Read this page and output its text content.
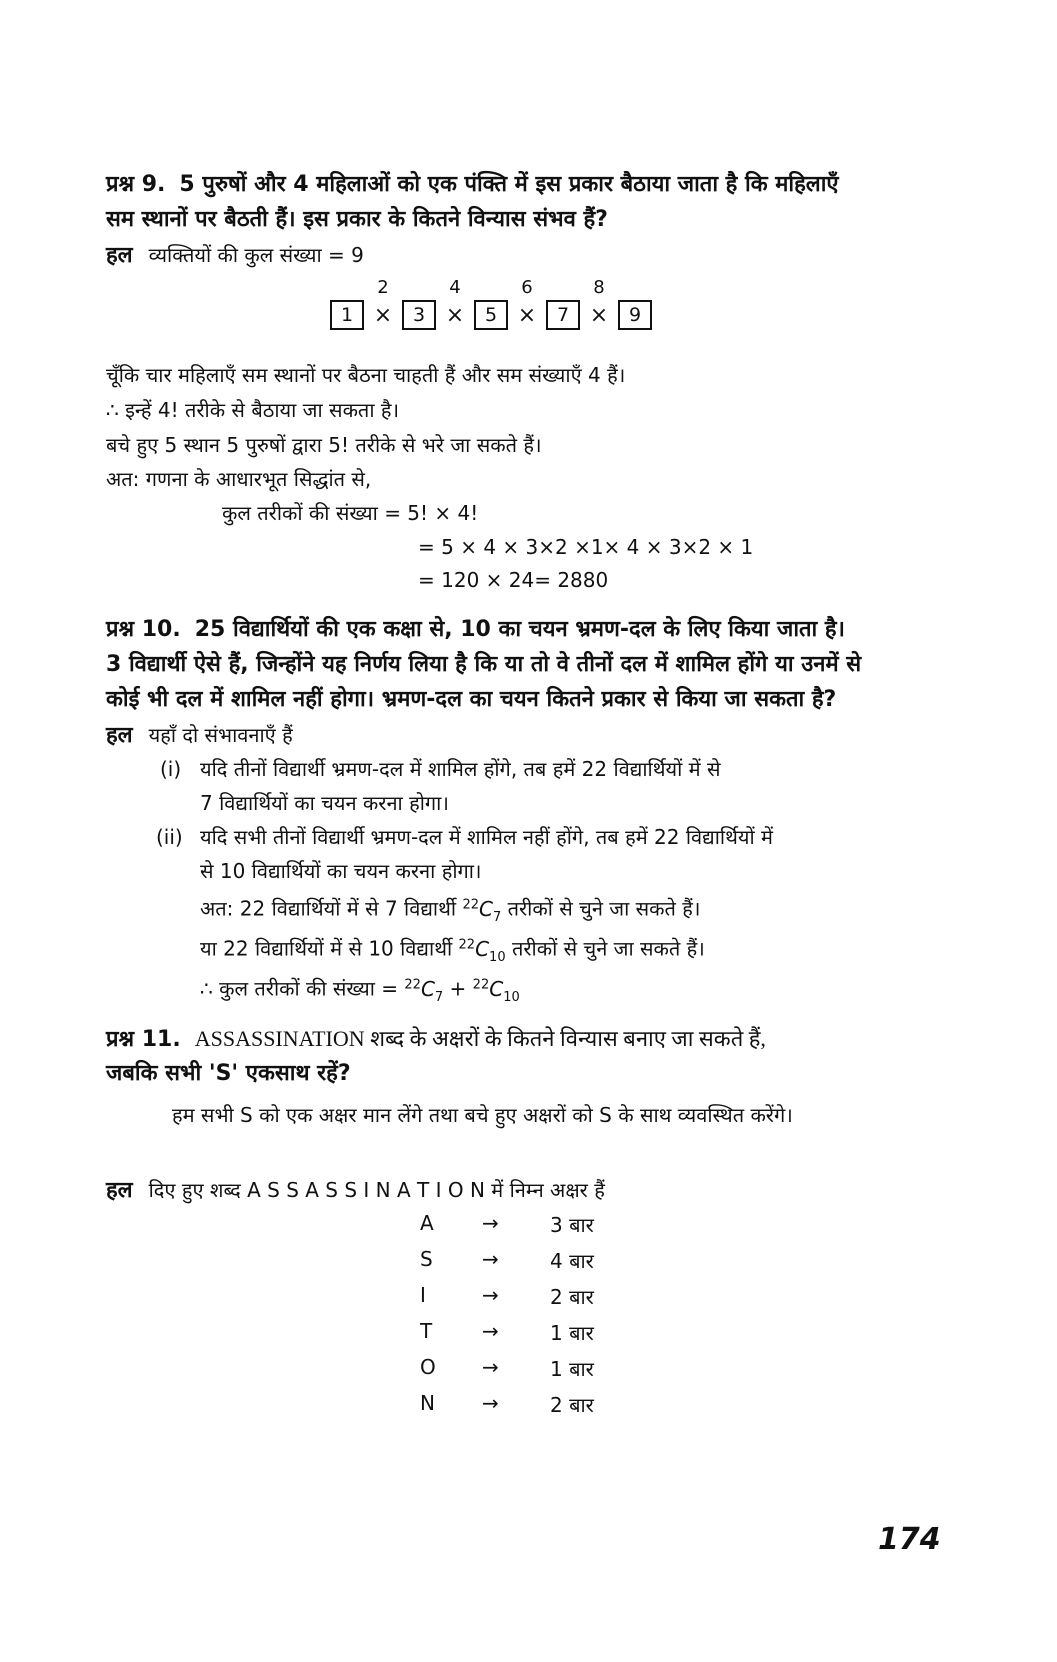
प्रश्न 9. 5 पुरुषों और 4 महिलाओं को एक पंक्ति में इस प्रकार बैठाया जाता है कि महिलाएँ
सम स्थानों पर बैठती हैं। इस प्रकार के कितने विन्यास संभव हैं?
हल व्यक्तियों की कुल संख्या = 9
1
2
× 3
4
× 5
6
× 7
8
× 9
चूँकि चार महिलाएँ सम स्थानों पर बैठना चाहती हैं और सम संख्याएँ 4 हैं।
∴ इन्हें 4! तरीके से बैठाया जा सकता है।
बचे हुए 5 स्थान 5 पुरुषों द्वारा 5! तरीके से भरे जा सकते हैं।
अत: गणना के आधारभूत सिद्धांत से,
कुल तरीकों की संख्या = 5! × 4!
= 5 × 4 × 3×2 ×1× 4 × 3×2 × 1
= 120 × 24= 2880
प्रश्न 10. 25 विद्यार्थियों की एक कक्षा से, 10 का चयन भ्रमण-दल के लिए किया जाता है।
3 विद्यार्थी ऐसे हैं, जिन्होंने यह निर्णय लिया है कि या तो वे तीनों दल में शामिल होंगे या उनमें से
कोई भी दल में शामिल नहीं होगा। भ्रमण-दल का चयन कितने प्रकार से किया जा सकता है?
हल यहाँ दो संभावनाएँ हैं
(i) यदि तीनों विद्यार्थी भ्रमण-दल में शामिल होंगे, तब हमें 22 विद्यार्थियों में से
7 विद्यार्थियों का चयन करना होगा।
(ii) यदि सभी तीनों विद्यार्थी भ्रमण-दल में शामिल नहीं होंगे, तब हमें 22 विद्यार्थियों में
से 10 विद्यार्थियों का चयन करना होगा।
अत: 22 विद्यार्थियों में से 7 विद्यार्थी $^{22}C_7$ तरीकों से चुने जा सकते हैं।
या 22 विद्यार्थियों में से 10 विद्यार्थी $^{22}C_{10}$ तरीकों से चुने जा सकते हैं।
∴ कुल तरीकों की संख्या = $^{22}C_7 + ^{22}C_{10}$
प्रश्न 11. ASSASSINATION शब्द के अक्षरों के कितने विन्यास बनाए जा सकते हैं,
जबकि सभी 'S' एकसाथ रहें?
हम सभी S को एक अक्षर मान लेंगे तथा बचे हुए अक्षरों को S के साथ व्यवस्थित करेंगे।
हल दिए हुए शब्द A S S A S S I N A T I O N में निम्न अक्षर हैं
A →	3 बार
S →	4 बार
I	→	2 बार
T →	1 बार
O →	1 बार
N →	2 बार
174
